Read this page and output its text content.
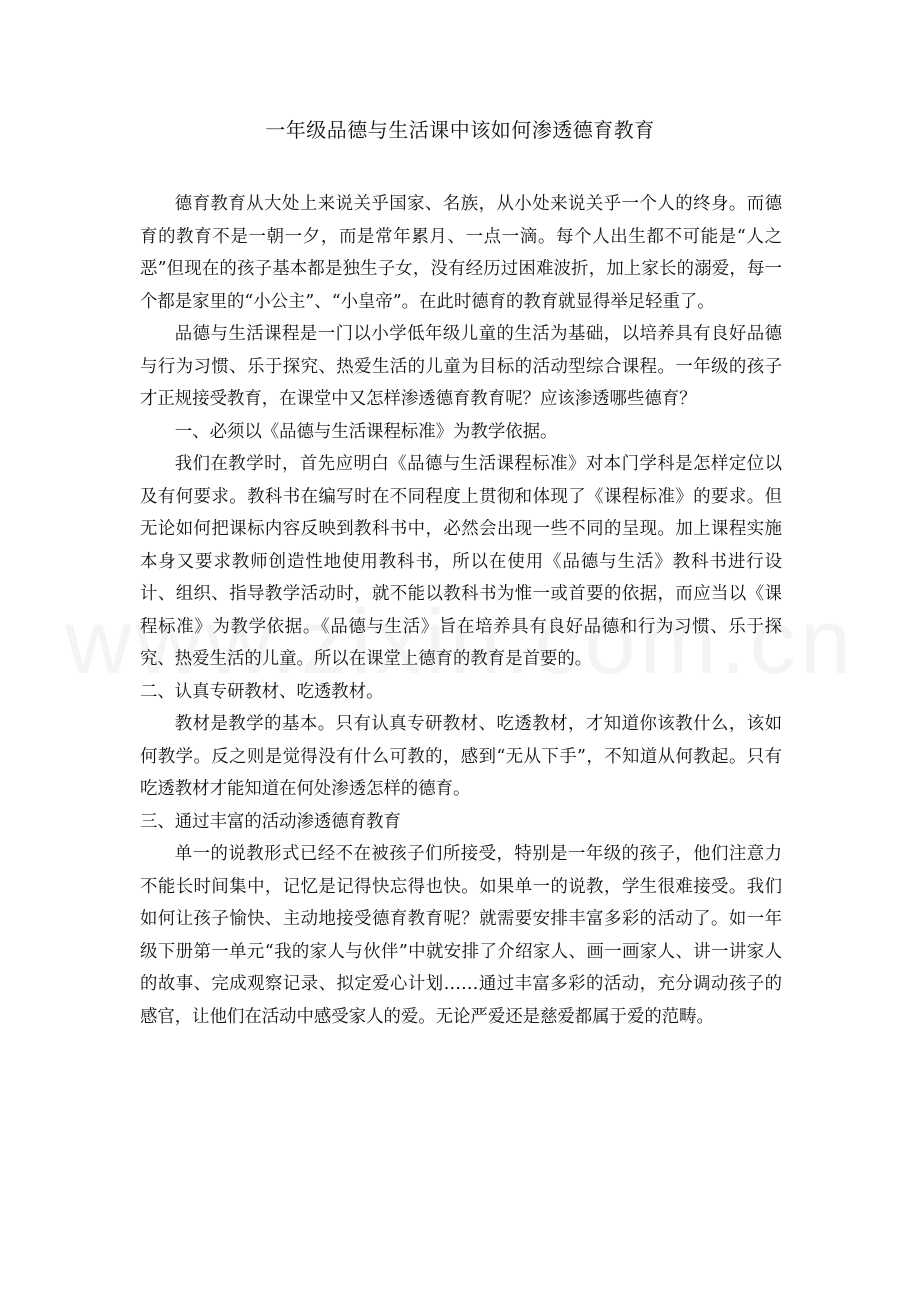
一年级品德与生活课中该如何渗透德育教育

德育教育从大处上来说关乎国家、名族，从小处来说关乎一个人的终身。而德育的教育不是一朝一夕，而是常年累月、一点一滴。每个人出生都不可能是“人之恶”但现在的孩子基本都是独生子女，没有经历过困难波折，加上家长的溺爱，每一个都是家里的“小公主”、“小皇帝”。在此时德育的教育就显得举足轻重了。

品德与生活课程是一门以小学低年级儿童的生活为基础，以培养具有良好品德与行为习惯、乐于探究、热爱生活的儿童为目标的活动型综合课程。一年级的孩子才正规接受教育，在课堂中又怎样渗透德育教育呢？应该渗透哪些德育？

一、必须以《品德与生活课程标准》为教学依据。

我们在教学时，首先应明白《品德与生活课程标准》对本门学科是怎样定位以及有何要求。教科书在编写时在不同程度上贯彻和体现了《课程标准》的要求。但无论如何把课标内容反映到教科书中，必然会出现一些不同的呈现。加上课程实施本身又要求教师创造性地使用教科书，所以在使用《品德与生活》教科书进行设计、组织、指导教学活动时，就不能以教科书为惟一或首要的依据，而应当以《课程标准》为教学依据。《品德与生活》旨在培养具有良好品德和行为习惯、乐于探究、热爱生活的儿童。所以在课堂上德育的教育是首要的。

二、认真专研教材、吃透教材。

教材是教学的基本。只有认真专研教材、吃透教材，才知道你该教什么，该如何教学。反之则是觉得没有什么可教的，感到“无从下手”，不知道从何教起。只有吃透教材才能知道在何处渗透怎样的德育。

三、通过丰富的活动渗透德育教育

单一的说教形式已经不在被孩子们所接受，特别是一年级的孩子，他们注意力不能长时间集中，记忆是记得快忘得也快。如果单一的说教，学生很难接受。我们如何让孩子愉快、主动地接受德育教育呢？就需要安排丰富多彩的活动了。如一年级下册第一单元“我的家人与伙伴”中就安排了介绍家人、画一画家人、讲一讲家人的故事、完成观察记录、拟定爱心计划……通过丰富多彩的活动，充分调动孩子的感官，让他们在活动中感受家人的爱。无论严爱还是慈爱都属于爱的范畴。
